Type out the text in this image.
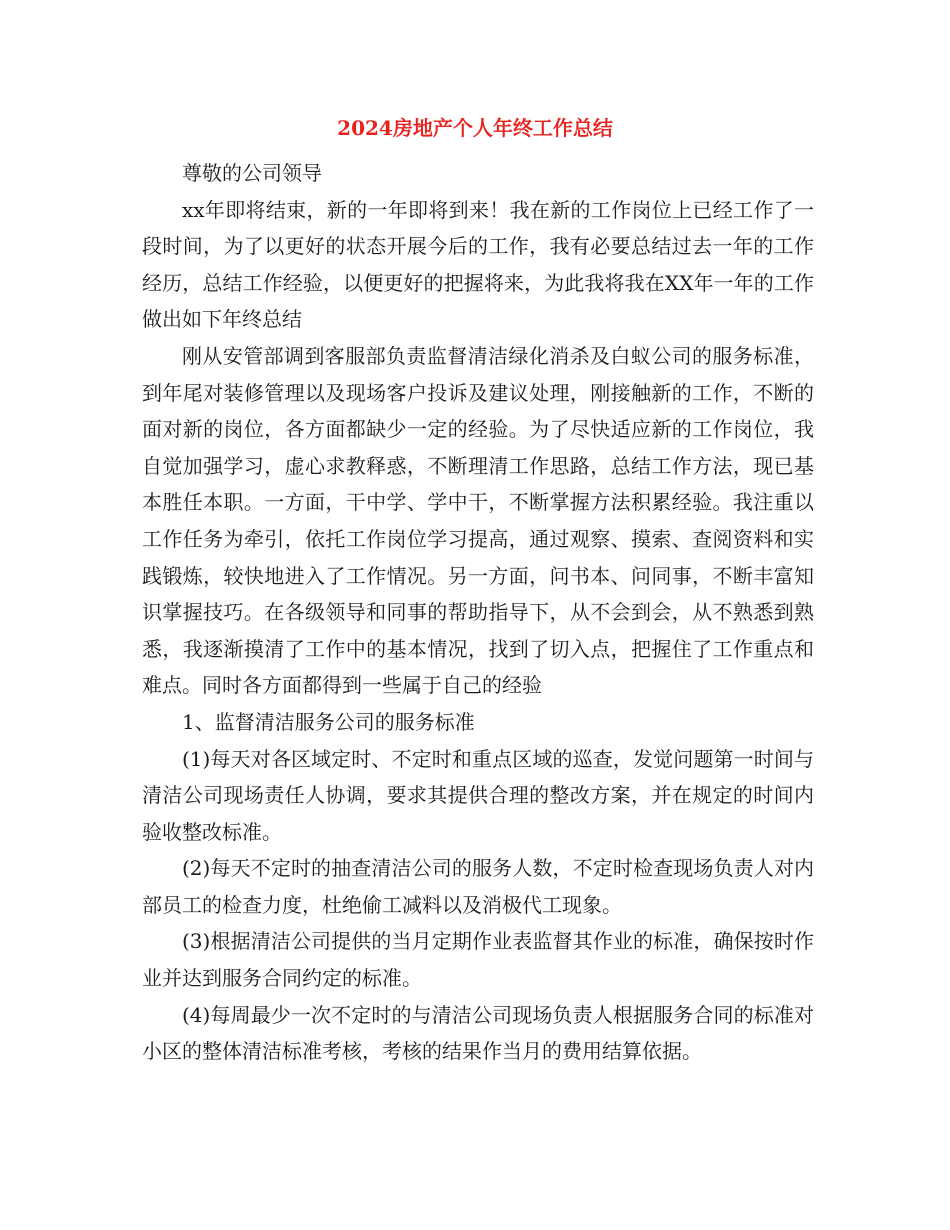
2024房地产个人年终工作总结

尊敬的公司领导

xx年即将结束，新的一年即将到来！我在新的工作岗位上已经工作了一段时间，为了以更好的状态开展今后的工作，我有必要总结过去一年的工作经历，总结工作经验，以便更好的把握将来，为此我将我在XX年一年的工作做出如下年终总结

刚从安管部调到客服部负责监督清洁绿化消杀及白蚁公司的服务标准，到年尾对装修管理以及现场客户投诉及建议处理，刚接触新的工作，不断的面对新的岗位，各方面都缺少一定的经验。为了尽快适应新的工作岗位，我自觉加强学习，虚心求教释惑，不断理清工作思路，总结工作方法，现已基本胜任本职。一方面，干中学、学中干，不断掌握方法积累经验。我注重以工作任务为牵引，依托工作岗位学习提高，通过观察、摸索、查阅资料和实践锻炼，较快地进入了工作情况。另一方面，问书本、问同事，不断丰富知识掌握技巧。在各级领导和同事的帮助指导下，从不会到会，从不熟悉到熟悉，我逐渐摸清了工作中的基本情况，找到了切入点，把握住了工作重点和难点。同时各方面都得到一些属于自己的经验

1、监督清洁服务公司的服务标准

(1)每天对各区域定时、不定时和重点区域的巡查，发觉问题第一时间与清洁公司现场责任人协调，要求其提供合理的整改方案，并在规定的时间内验收整改标准。

(2)每天不定时的抽查清洁公司的服务人数，不定时检查现场负责人对内部员工的检查力度，杜绝偷工减料以及消极代工现象。

(3)根据清洁公司提供的当月定期作业表监督其作业的标准，确保按时作业并达到服务合同约定的标准。

(4)每周最少一次不定时的与清洁公司现场负责人根据服务合同的标准对小区的整体清洁标准考核，考核的结果作当月的费用结算依据。
